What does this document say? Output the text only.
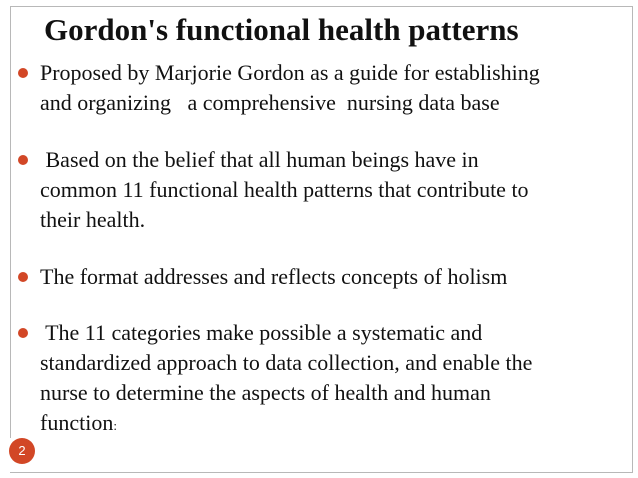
Gordon's functional health patterns
Proposed by Marjorie Gordon as a guide for establishing
and organizing   a comprehensive  nursing data base
Based on the belief that all human beings have in
common 11 functional health patterns that contribute to
their health.
The format addresses and reflects concepts of holism
The 11 categories make possible a systematic and
standardized approach to data collection, and enable the
nurse to determine the aspects of health and human
function:
2
